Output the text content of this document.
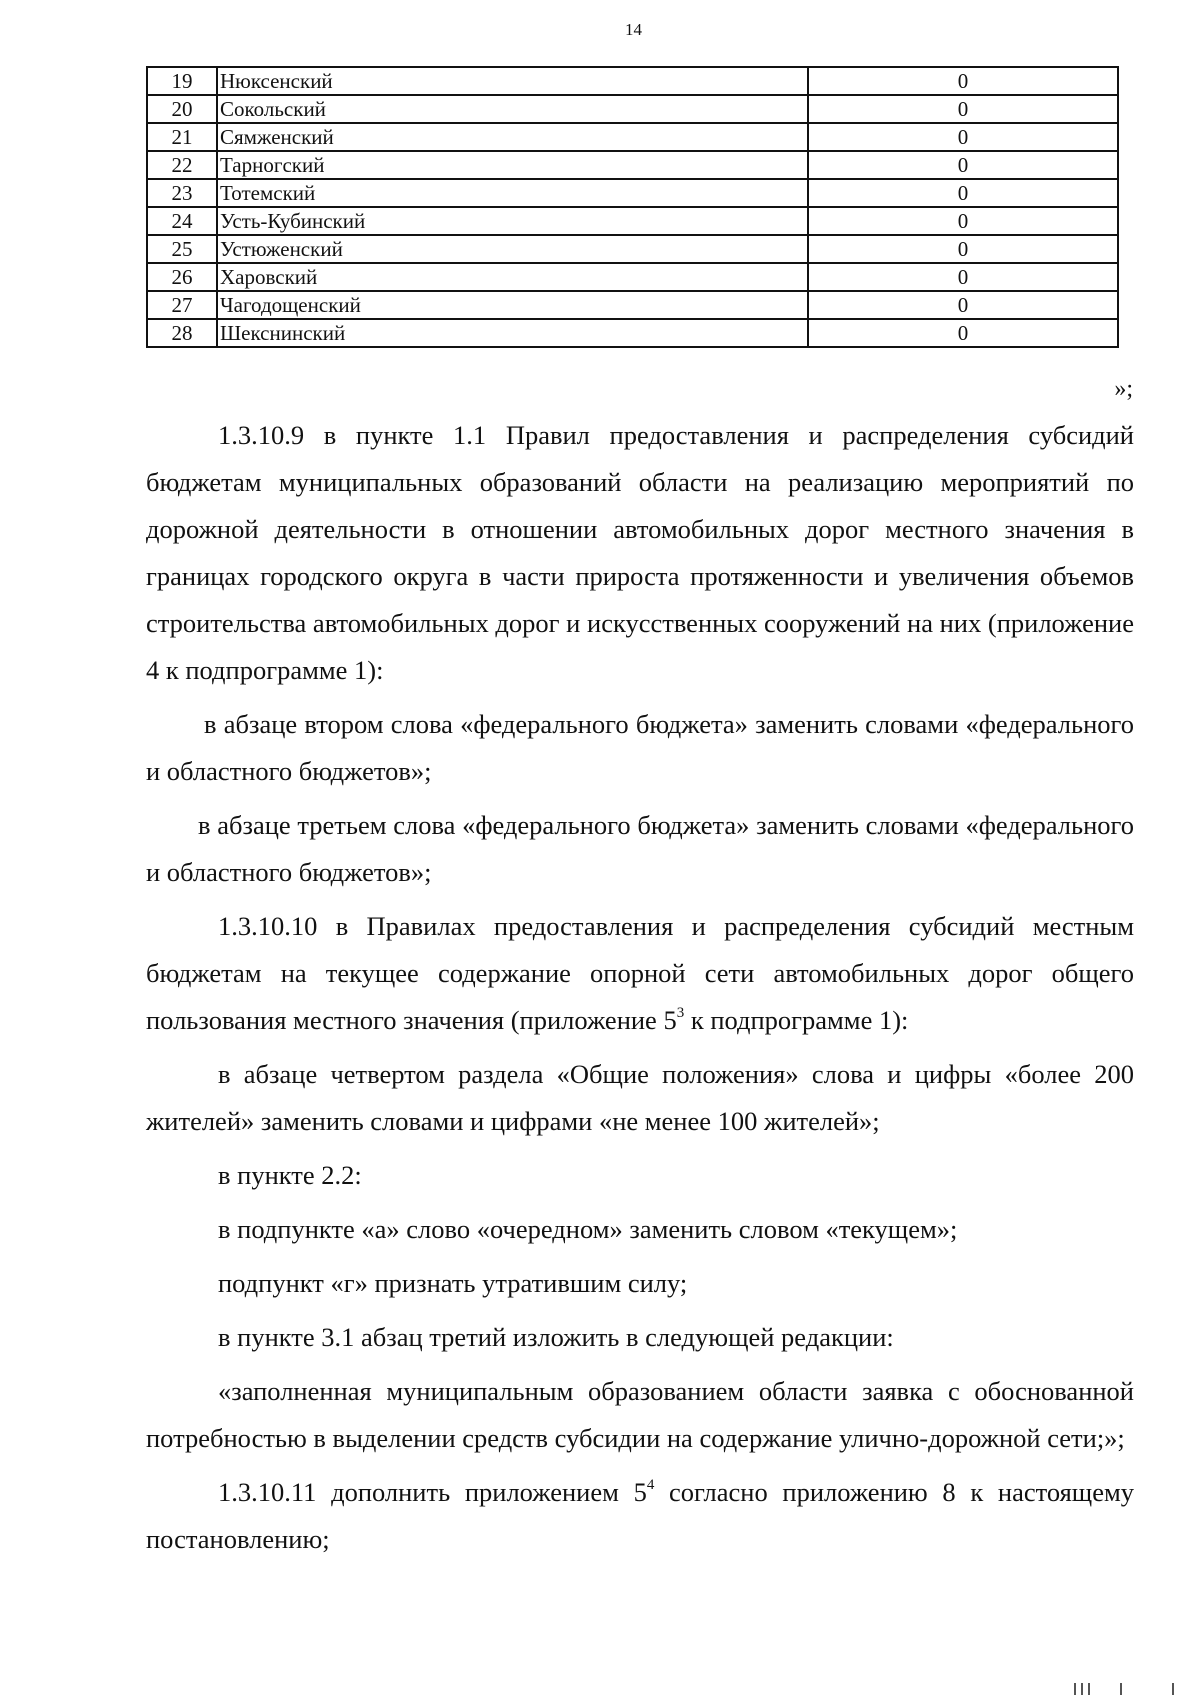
14
19	Нюксенский	0
20	Сокольский	0
21	Сямженский	0
22	Тарногский	0
23	Тотемский	0
24	Усть-Кубинский	0
25	Устюженский	0
26	Харовский	0
27	Чагодощенский	0
28	Шекснинский	0
»;

1.3.10.9 в пункте 1.1 Правил предоставления и распределения субсидий бюджетам муниципальных образований области на реализацию мероприятий по дорожной деятельности в отношении автомобильных дорог местного значения в границах городского округа в части прироста протяженности и увеличения объемов строительства автомобильных дорог и искусственных сооружений на них (приложение 4 к подпрограмме 1):

в абзаце втором слова «федерального бюджета» заменить словами «федерального и областного бюджетов»;

в абзаце третьем слова «федерального бюджета» заменить словами «федерального и областного бюджетов»;

1.3.10.10 в Правилах предоставления и распределения субсидий местным бюджетам на текущее содержание опорной сети автомобильных дорог общего пользования местного значения (приложение $5^3$ к подпрограмме 1):

в абзаце четвертом раздела «Общие положения» слова и цифры «более 200 жителей» заменить словами и цифрами «не менее 100 жителей»;

в пункте 2.2:

в подпункте «а» слово «очередном» заменить словом «текущем»;

подпункт «г» признать утратившим силу;

в пункте 3.1 абзац третий изложить в следующей редакции:

«заполненная муниципальным образованием области заявка с обоснованной потребностью в выделении средств субсидии на содержание улично-дорожной сети;»;

1.3.10.11 дополнить приложением $5^4$ согласно приложению 8 к настоящему постановлению;
